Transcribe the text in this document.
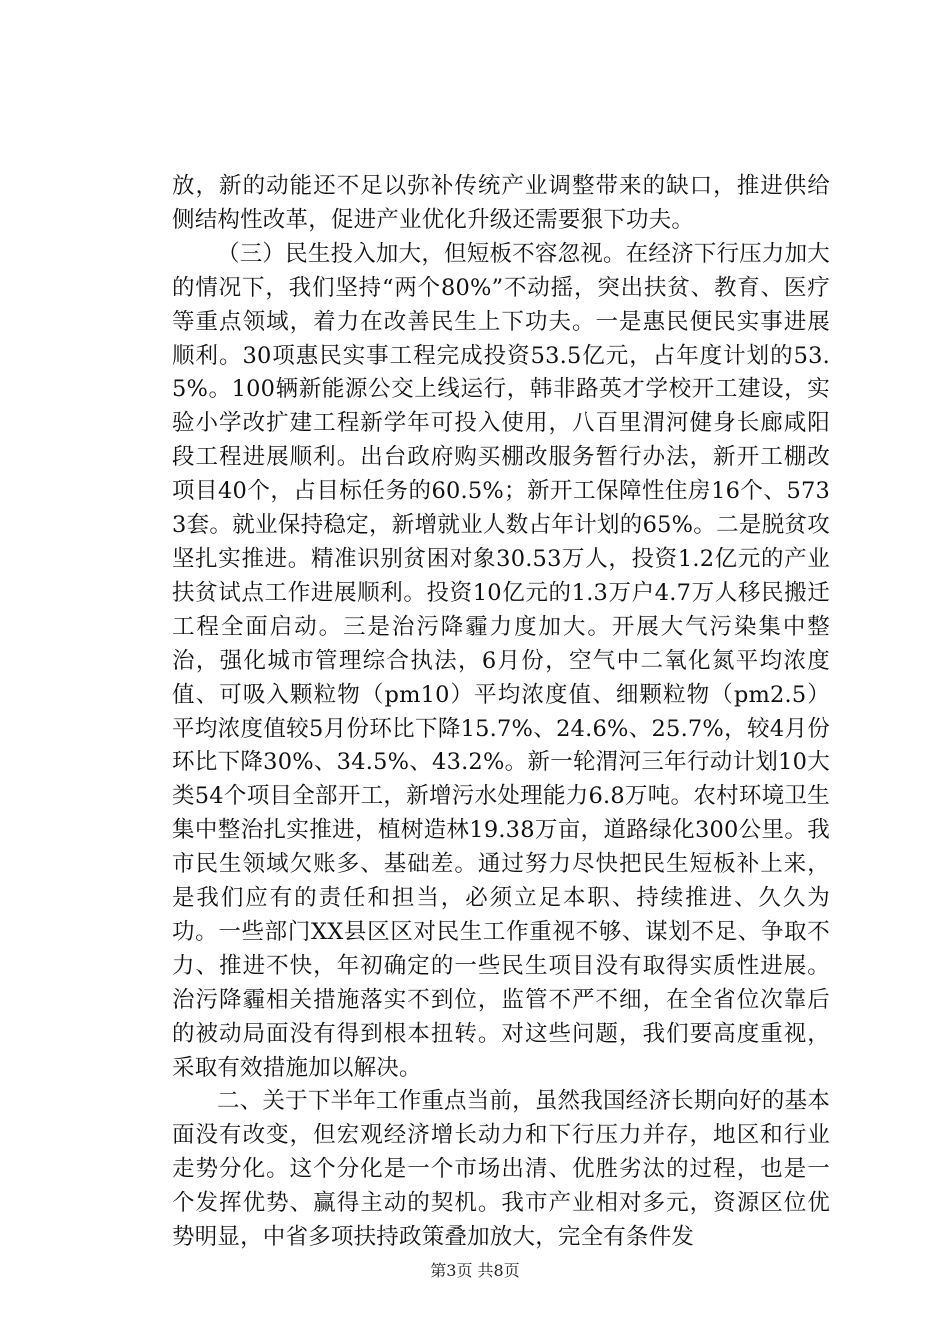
放，新的动能还不足以弥补传统产业调整带来的缺口，推进供给侧结构性改革，促进产业优化升级还需要狠下功夫。

（三）民生投入加大，但短板不容忽视。在经济下行压力加大的情况下，我们坚持“两个80%”不动摇，突出扶贫、教育、医疗等重点领域，着力在改善民生上下功夫。一是惠民便民实事进展顺利。30项惠民实事工程完成投资53.5亿元，占年度计划的53.5%。100辆新能源公交上线运行，韩非路英才学校开工建设，实验小学改扩建工程新学年可投入使用，八百里渭河健身长廊咸阳段工程进展顺利。出台政府购买棚改服务暂行办法，新开工棚改项目40个，占目标任务的60.5%；新开工保障性住房16个、5733套。就业保持稳定，新增就业人数占年计划的65%。二是脱贫攻坚扎实推进。精准识别贫困对象30.53万人，投资1.2亿元的产业扶贫试点工作进展顺利。投资10亿元的1.3万户4.7万人移民搬迁工程全面启动。三是治污降霾力度加大。开展大气污染集中整治，强化城市管理综合执法，6月份，空气中二氧化氮平均浓度值、可吸入颗粒物（pm10）平均浓度值、细颗粒物（pm2.5）平均浓度值较5月份环比下降15.7%、24.6%、25.7%，较4月份环比下降30%、34.5%、43.2%。新一轮渭河三年行动计划10大类54个项目全部开工，新增污水处理能力6.8万吨。农村环境卫生集中整治扎实推进，植树造林19.38万亩，道路绿化300公里。我市民生领域欠账多、基础差。通过努力尽快把民生短板补上来，是我们应有的责任和担当，必须立足本职、持续推进、久久为功。一些部门XX县区区对民生工作重视不够、谋划不足、争取不力、推进不快，年初确定的一些民生项目没有取得实质性进展。治污降霾相关措施落实不到位，监管不严不细，在全省位次靠后的被动局面没有得到根本扭转。对这些问题，我们要高度重视，采取有效措施加以解决。

二、关于下半年工作重点当前，虽然我国经济长期向好的基本面没有改变，但宏观经济增长动力和下行压力并存，地区和行业走势分化。这个分化是一个市场出清、优胜劣汰的过程，也是一个发挥优势、赢得主动的契机。我市产业相对多元，资源区位优势明显，中省多项扶持政策叠加放大，完全有条件发

第3页 共8页
